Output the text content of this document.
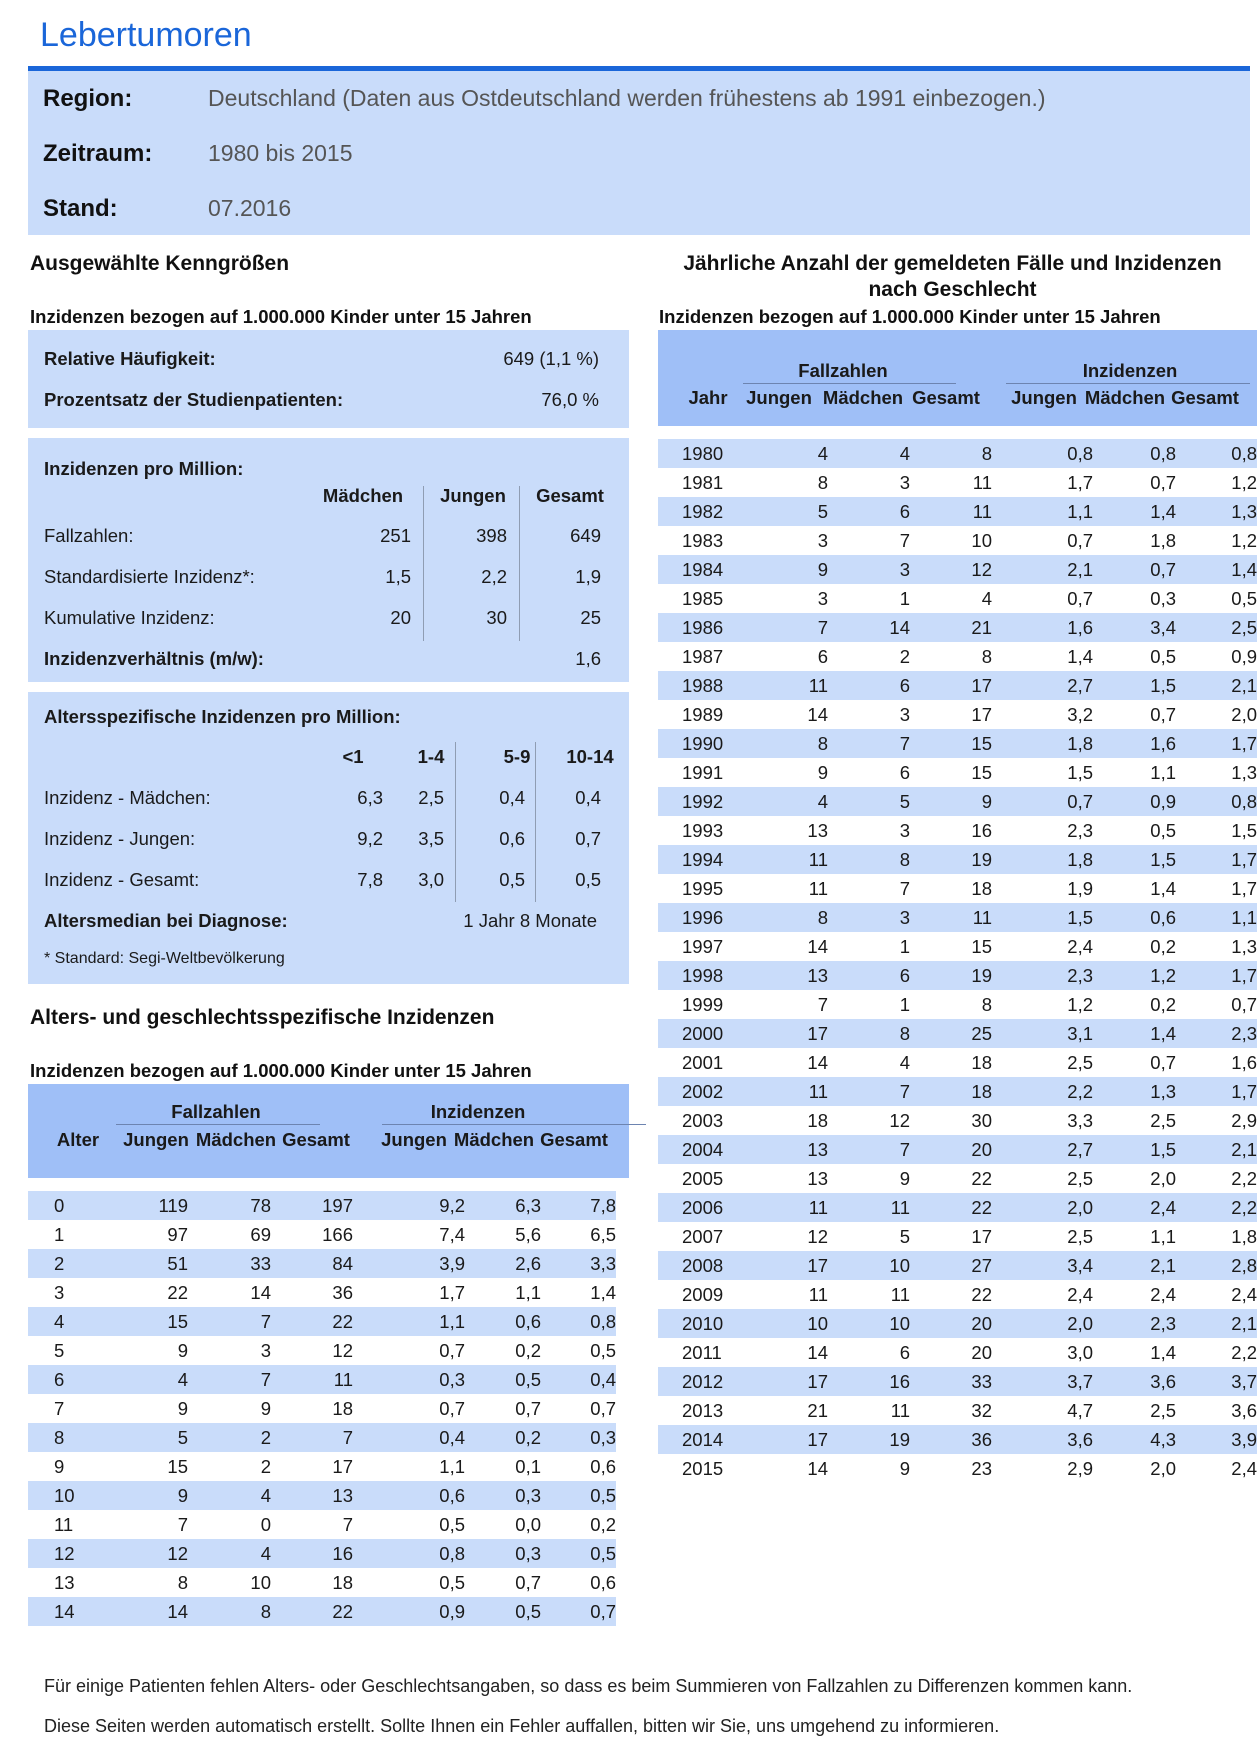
Lebertumoren
Region:	Deutschland (Daten aus Ostdeutschland werden frühestens ab 1991 einbezogen.)
Zeitraum:	1980 bis 2015
Stand:	07.2016
Ausgewählte Kenngrößen
Inzidenzen bezogen auf 1.000.000 Kinder unter 15 Jahren
Relative Häufigkeit:	649 (1,1 %)
Prozentsatz der Studienpatienten:	76,0 %
Inzidenzen pro Million:
Mädchen	Jungen	Gesamt
Fallzahlen:	251	398	649
Standardisierte Inzidenz*:	1,5	2,2	1,9
Kumulative Inzidenz:	20	30	25
Inzidenzverhältnis (m/w):	1,6
Altersspezifische Inzidenzen pro Million:
<1	1-4	5-9	10-14
Inzidenz - Mädchen:	6,3 2,5	0,4	0,4
Inzidenz - Jungen:	9,2 3,5	0,6	0,7
Inzidenz - Gesamt:	7,8 3,0	0,5	0,5
Altersmedian bei Diagnose:	1 Jahr 8 Monate
* Standard: Segi-Weltbevölkerung
Alters- und geschlechtsspezifische Inzidenzen
Inzidenzen bezogen auf 1.000.000 Kinder unter 15 Jahren
Fallzahlen	Inzidenzen
Alter	Jungen Mädchen Gesamt	Jungen Mädchen Gesamt
0	119	78	197	9,2	6,3	7,8
1	97	69	166	7,4	5,6	6,5
2	51	33	84	3,9	2,6	3,3
3	22	14	36	1,7	1,1	1,4
4	15	7	22	1,1	0,6	0,8
5	9	3	12	0,7	0,2	0,5
6	4	7	11	0,3	0,5	0,4
7	9	9	18	0,7	0,7	0,7
8	5	2	7	0,4	0,2	0,3
9	15	2	17	1,1	0,1	0,6
10	9	4	13	0,6	0,3	0,5
11	7	0	7	0,5	0,0	0,2
12	12	4	16	0,8	0,3	0,5
13	8	10	18	0,5	0,7	0,6
14	14	8	22	0,9	0,5	0,7
Jährliche Anzahl der gemeldeten Fälle und Inzidenzen
nach Geschlecht
Inzidenzen bezogen auf 1.000.000 Kinder unter 15 Jahren
Fallzahlen	Inzidenzen
Jahr	Jungen Mädchen Gesamt	Jungen Mädchen Gesamt
1980	4	4	8	0,8	0,8	0,8
1981	8	3	11	1,7	0,7	1,2
1982	5	6	11	1,1	1,4	1,3
1983	3	7	10	0,7	1,8	1,2
1984	9	3	12	2,1	0,7	1,4
1985	3	1	4	0,7	0,3	0,5
1986	7	14	21	1,6	3,4	2,5
1987	6	2	8	1,4	0,5	0,9
1988	11	6	17	2,7	1,5	2,1
1989	14	3	17	3,2	0,7	2,0
1990	8	7	15	1,8	1,6	1,7
1991	9	6	15	1,5	1,1	1,3
1992	4	5	9	0,7	0,9	0,8
1993	13	3	16	2,3	0,5	1,5
1994	11	8	19	1,8	1,5	1,7
1995	11	7	18	1,9	1,4	1,7
1996	8	3	11	1,5	0,6	1,1
1997	14	1	15	2,4	0,2	1,3
1998	13	6	19	2,3	1,2	1,7
1999	7	1	8	1,2	0,2	0,7
2000	17	8	25	3,1	1,4	2,3
2001	14	4	18	2,5	0,7	1,6
2002	11	7	18	2,2	1,3	1,7
2003	18	12	30	3,3	2,5	2,9
2004	13	7	20	2,7	1,5	2,1
2005	13	9	22	2,5	2,0	2,2
2006	11	11	22	2,0	2,4	2,2
2007	12	5	17	2,5	1,1	1,8
2008	17	10	27	3,4	2,1	2,8
2009	11	11	22	2,4	2,4	2,4
2010	10	10	20	2,0	2,3	2,1
2011	14	6	20	3,0	1,4	2,2
2012	17	16	33	3,7	3,6	3,7
2013	21	11	32	4,7	2,5	3,6
2014	17	19	36	3,6	4,3	3,9
2015	14	9	23	2,9	2,0	2,4
Für einige Patienten fehlen Alters- oder Geschlechtsangaben, so dass es beim Summieren von Fallzahlen zu Differenzen kommen kann.
Diese Seiten werden automatisch erstellt. Sollte Ihnen ein Fehler auffallen, bitten wir Sie, uns umgehend zu informieren.
